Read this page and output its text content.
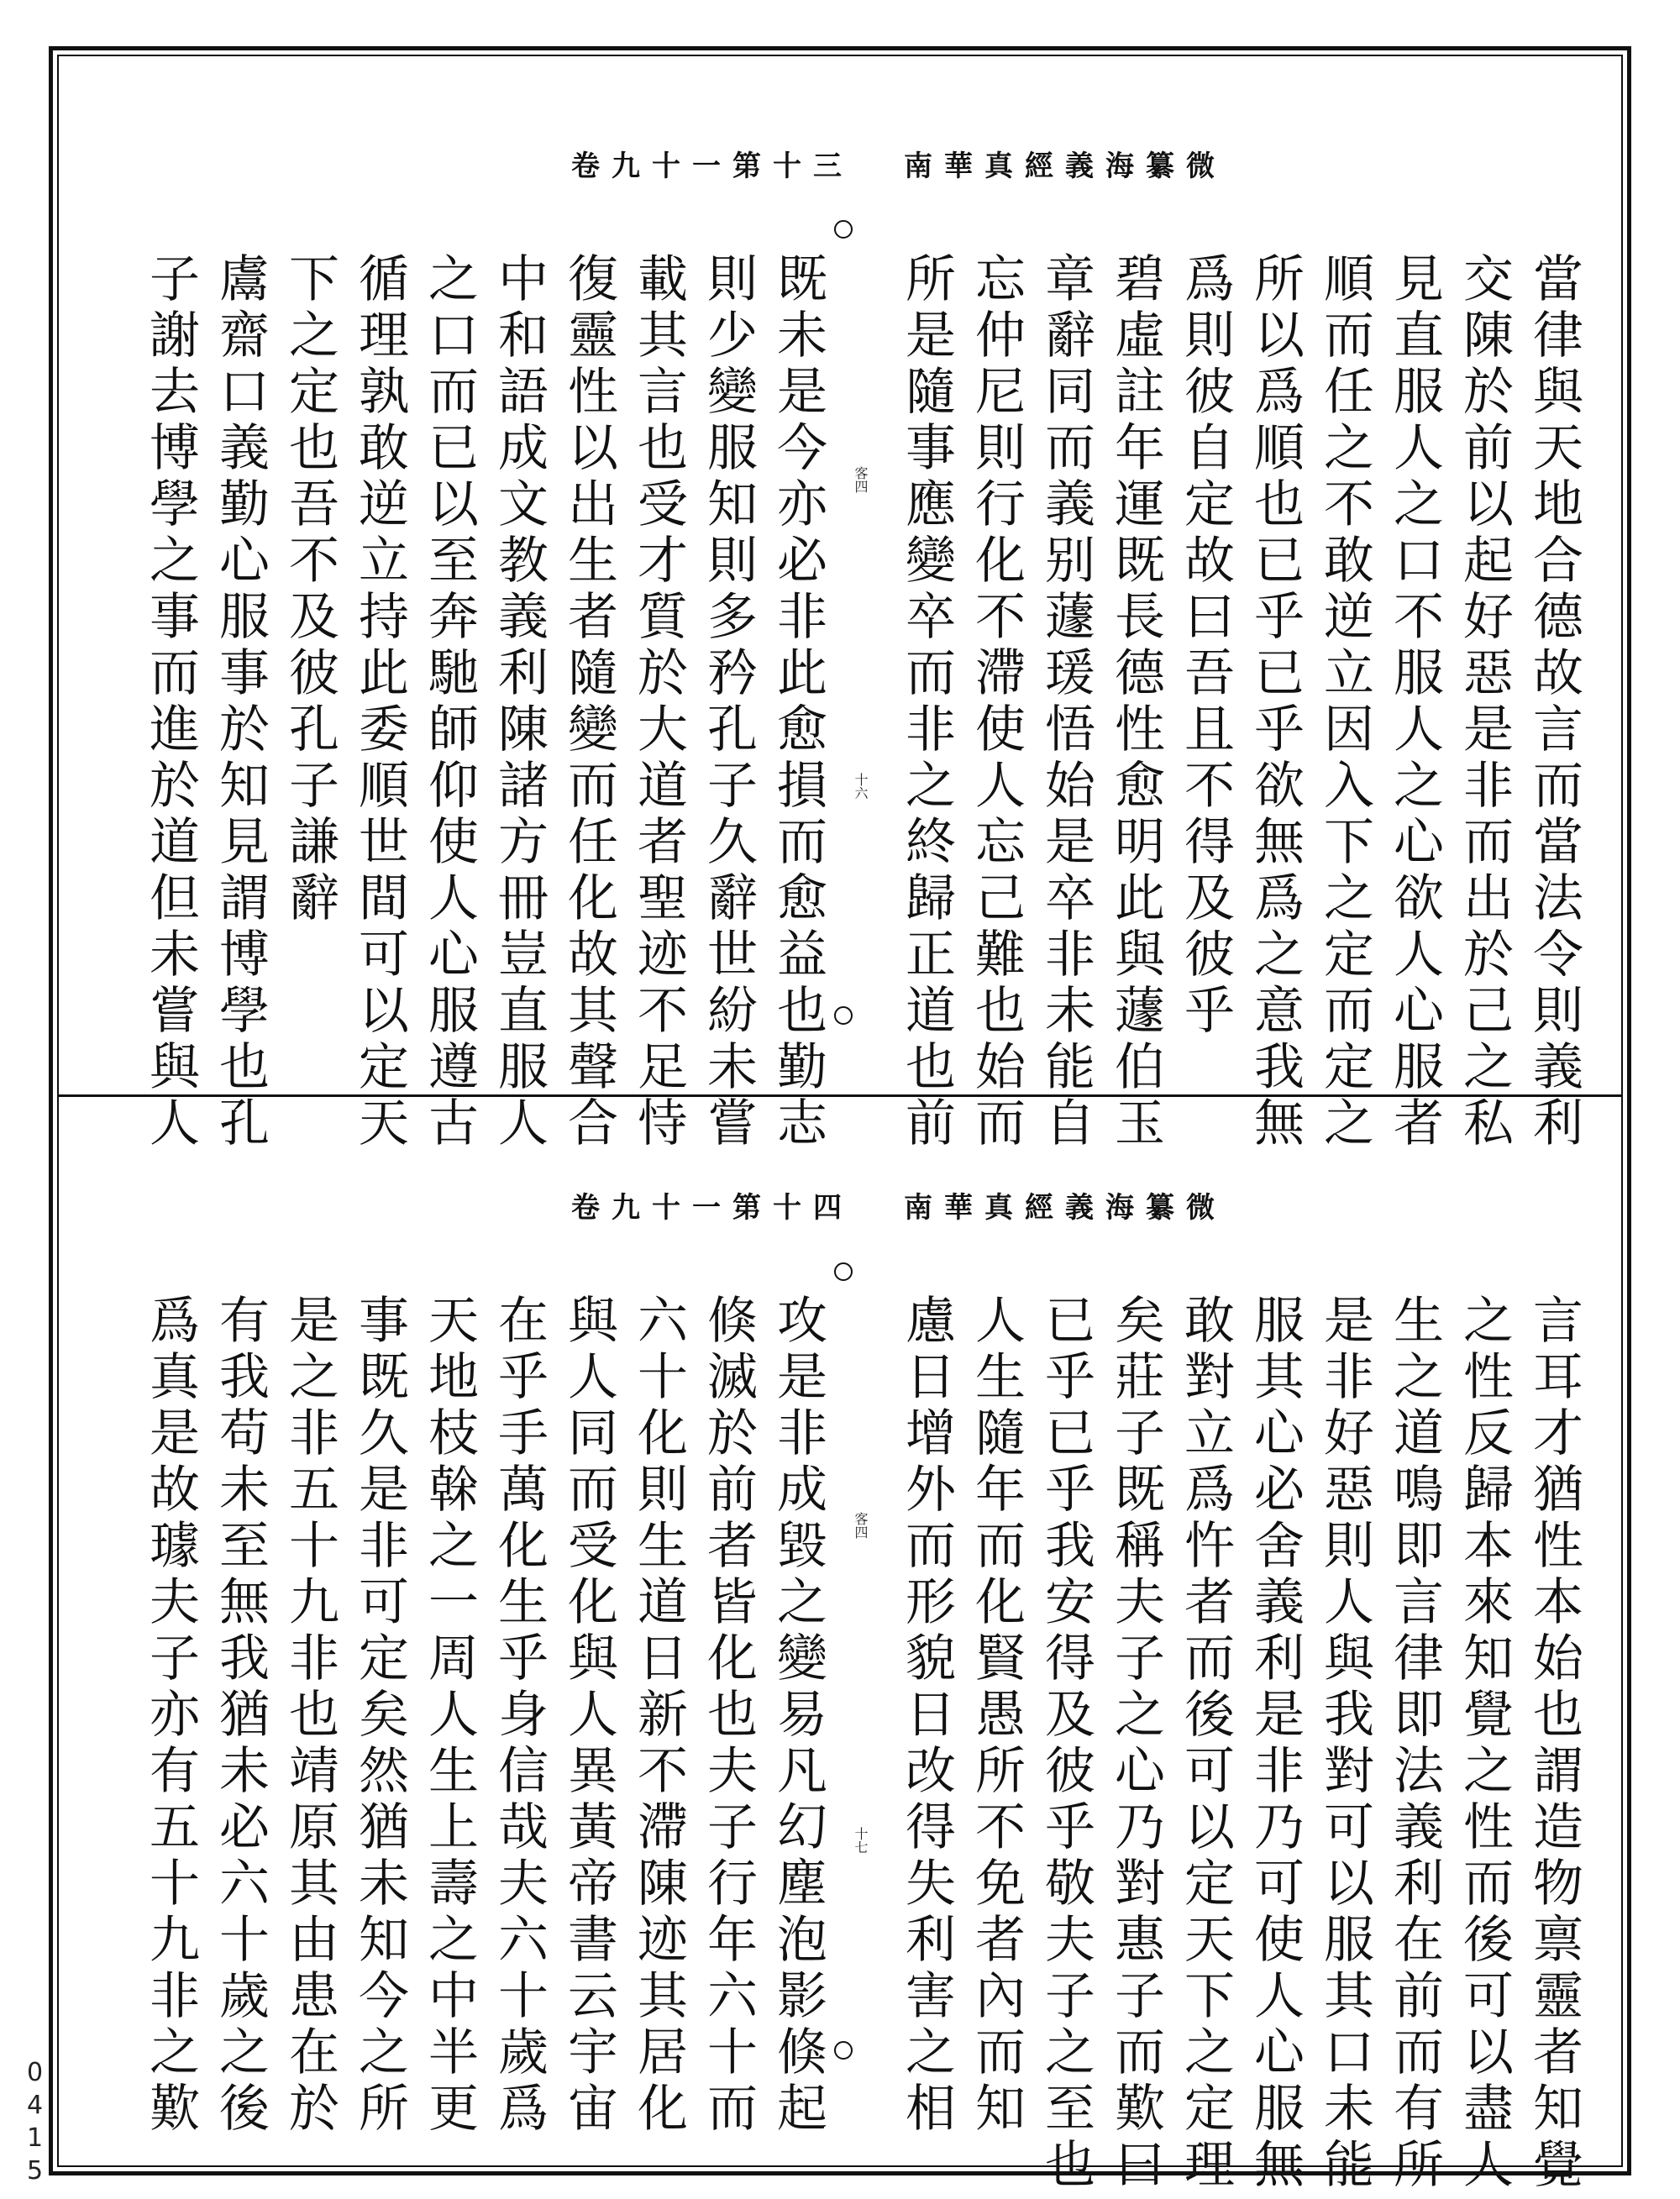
卷九十一第十三 南華真經義海纂微
客四
十六	當律與天地合德故言而當法令則義利
交陳於前以起好惡是非而出於己之私
見直服人之口不服人之心欲人心服者
順而任之不敢逆立因入下之定而定之
所以爲順也已乎已乎欲無爲之意我無
爲則彼自定故曰吾且不得及彼乎
碧虛註年運既長德性愈明此與蘧伯玉
章辭同而義别蘧瑗悟始是卒非未能自
忘仲尼則行化不滯使人忘己難也始而
所是隨事應變卒而非之終歸正道也前
既未是今亦必非此愈損而愈益也勤志
則少變服知則多矜孔子久辭世紛未嘗
載其言也受才質於大道者聖迹不足恃
復靈性以出生者隨變而任化故其聲合
中和語成文教義利陳諸方冊豈直服人
之口而已以至奔馳師仰使人心服遵古
循理孰敢逆立持此委順世間可以定天
下之定也吾不及彼孔子謙辭
鬳齋口義勤心服事於知見謂博學也孔
子謝去博學之事而進於道但未嘗與人
卷九十一第十四 南華真經義海纂微
客四
十七	言耳才猶性本始也謂造物禀靈者知覺
之性反歸本來知覺之性而後可以盡人
生之道鳴即言律即法義利在前而有所
是非好惡則人與我對可以服其口未能
服其心必舍義利是非乃可使人心服無
敢對立爲忤者而後可以定天下之定理
矣莊子既稱夫子之心乃對惠子而歎曰
已乎已乎我安得及彼乎敬夫子之至也
人生隨年而化賢愚所不免者內而知
慮日增外而形貌日改得失利害之相
攻是非成毀之變易凡幻塵泡影倏起
倏滅於前者皆化也夫子行年六十而
六十化則生道日新不滯陳迹其居化
與人同而受化與人異黃帝書云宇宙
在乎手萬化生乎身信哉夫六十歲爲
天地枝榦之一周人生上壽之中半更
事既久是非可定矣然猶未知今之所
是之非五十九非也靖原其由患在於
有我苟未至無我猶未必六十歲之後
爲真是故璩夫子亦有五十九非之歎
0415
